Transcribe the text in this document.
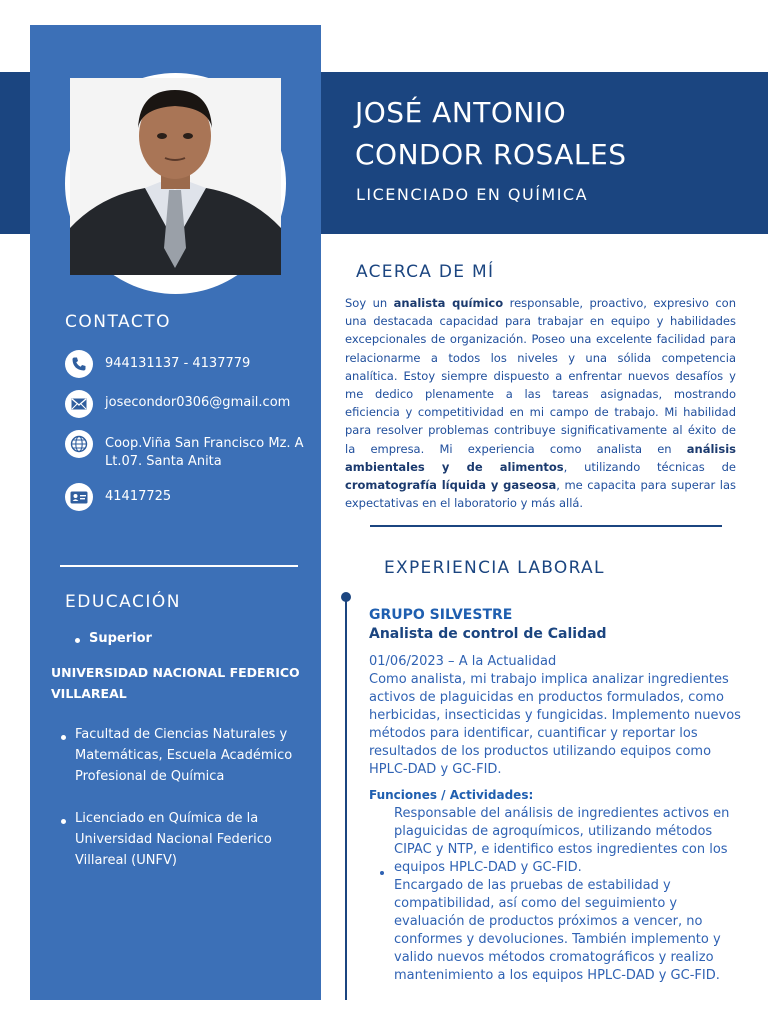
JOSÉ ANTONIO
CONDOR ROSALES
LICENCIADO EN QUÍMICA
CONTACTO
944131137 - 4137779
josecondor0306@gmail.com
Coop.Viña San Francisco Mz. A
Lt.07. Santa Anita
41417725
EDUCACIÓN
Superior
UNIVERSIDAD NACIONAL FEDERICO
VILLAREAL
Facultad de Ciencias Naturales y
Matemáticas, Escuela Académico
Profesional de Química
Licenciado en Química de la
Universidad Nacional Federico
Villareal (UNFV)
ACERCA DE MÍ
Soy un analista químico responsable, proactivo, expresivo con una destacada capacidad para trabajar en equipo y habilidades excepcionales de organización. Poseo una excelente facilidad para relacionarme a todos los niveles y una sólida competencia analítica. Estoy siempre dispuesto a enfrentar nuevos desafíos y me dedico plenamente a las tareas asignadas, mostrando eficiencia y competitividad en mi campo de trabajo. Mi habilidad para resolver problemas contribuye significativamente al éxito de la empresa. Mi experiencia como analista en análisis ambientales y de alimentos, utilizando técnicas de cromatografía líquida y gaseosa, me capacita para superar las expectativas en el laboratorio y más allá.
EXPERIENCIA LABORAL
GRUPO SILVESTRE
Analista de control de Calidad
01/06/2023 – A la Actualidad
Como analista, mi trabajo implica analizar ingredientes activos de plaguicidas en productos formulados, como herbicidas, insecticidas y fungicidas. Implemento nuevos métodos para identificar, cuantificar y reportar los resultados de los productos utilizando equipos como HPLC-DAD y GC-FID.
Funciones / Actividades:
Responsable del análisis de ingredientes activos en plaguicidas de agroquímicos, utilizando métodos CIPAC y NTP, e identifico estos ingredientes con los equipos HPLC-DAD y GC-FID.
Encargado de las pruebas de estabilidad y compatibilidad, así como del seguimiento y evaluación de productos próximos a vencer, no conformes y devoluciones. También implemento y valido nuevos métodos cromatográficos y realizo mantenimiento a los equipos HPLC-DAD y GC-FID.
